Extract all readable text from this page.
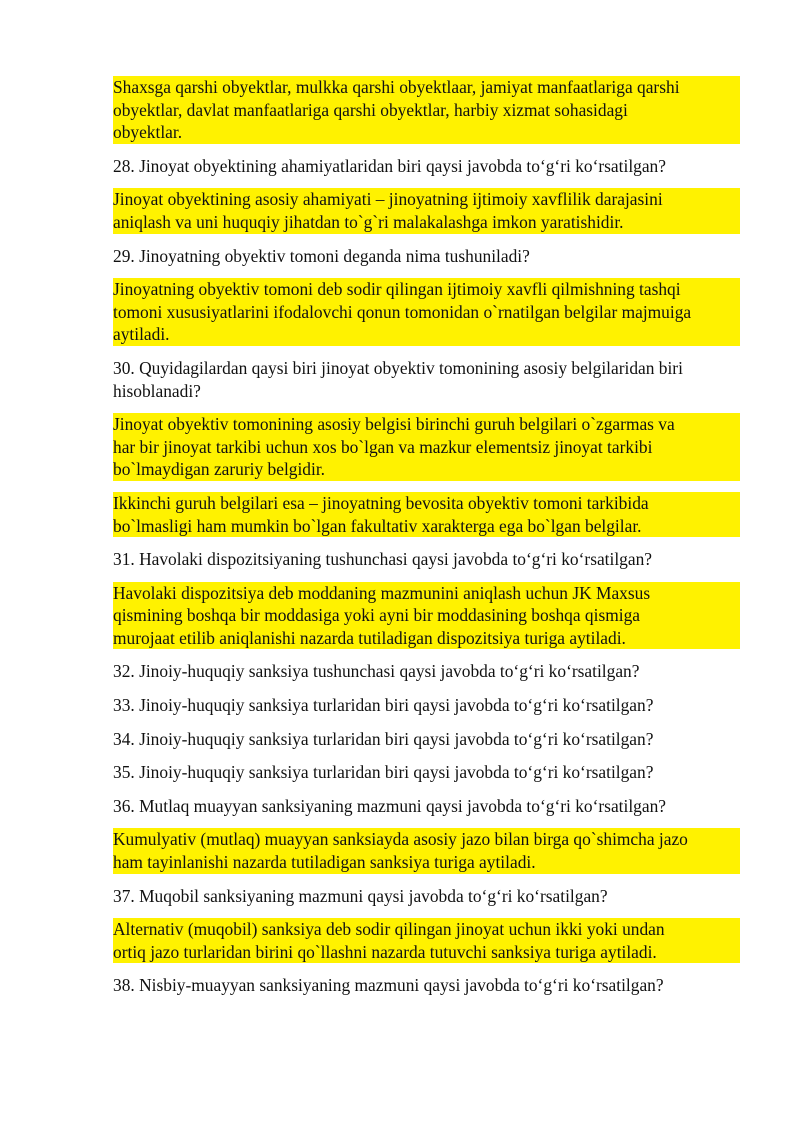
Shaxsga qarshi obyektlar, mulkka qarshi obyektlaar, jamiyat manfaatlariga qarshi
obyektlar, davlat manfaatlariga qarshi obyektlar, harbiy xizmat sohasidagi
obyektlar.

28. Jinoyat obyektining ahamiyatlaridan biri qaysi javobda to‘g‘ri ko‘rsatilgan?

Jinoyat obyektining asosiy ahamiyati – jinoyatning ijtimoiy xavflilik darajasini
aniqlash va uni huquqiy jihatdan to`g`ri malakalashga imkon yaratishidir.

29. Jinoyatning obyektiv tomoni deganda nima tushuniladi?

Jinoyatning obyektiv tomoni deb sodir qilingan ijtimoiy xavfli qilmishning tashqi
tomoni xususiyatlarini ifodalovchi qonun tomonidan o`rnatilgan belgilar majmuiga
aytiladi.

30. Quyidagilardan qaysi biri jinoyat obyektiv tomonining asosiy belgilaridan biri
hisoblanadi?

Jinoyat obyektiv tomonining asosiy belgisi birinchi guruh belgilari o`zgarmas va
har bir jinoyat tarkibi uchun xos bo`lgan va mazkur elementsiz jinoyat tarkibi
bo`lmaydigan zaruriy belgidir.

Ikkinchi guruh belgilari esa – jinoyatning bevosita obyektiv tomoni tarkibida
bo`lmasligi ham mumkin bo`lgan fakultativ xarakterga ega bo`lgan belgilar.

31. Havolaki dispozitsiyaning tushunchasi qaysi javobda to‘g‘ri ko‘rsatilgan?

Havolaki dispozitsiya deb moddaning mazmunini aniqlash uchun JK Maxsus
qismining boshqa bir moddasiga yoki ayni bir moddasining boshqa qismiga
murojaat etilib aniqlanishi nazarda tutiladigan dispozitsiya turiga aytiladi.

32. Jinoiy-huquqiy sanksiya tushunchasi qaysi javobda to‘g‘ri ko‘rsatilgan?

33. Jinoiy-huquqiy sanksiya turlaridan biri qaysi javobda to‘g‘ri ko‘rsatilgan?

34. Jinoiy-huquqiy sanksiya turlaridan biri qaysi javobda to‘g‘ri ko‘rsatilgan?

35. Jinoiy-huquqiy sanksiya turlaridan biri qaysi javobda to‘g‘ri ko‘rsatilgan?

36. Mutlaq muayyan sanksiyaning mazmuni qaysi javobda to‘g‘ri ko‘rsatilgan?

Kumulyativ (mutlaq) muayyan sanksiayda asosiy jazo bilan birga qo`shimcha jazo
ham tayinlanishi nazarda tutiladigan sanksiya turiga aytiladi.

37. Muqobil sanksiyaning mazmuni qaysi javobda to‘g‘ri ko‘rsatilgan?

Alternativ (muqobil) sanksiya deb sodir qilingan jinoyat uchun ikki yoki undan
ortiq jazo turlaridan birini qo`llashni nazarda tutuvchi sanksiya turiga aytiladi.

38. Nisbiy-muayyan sanksiyaning mazmuni qaysi javobda to‘g‘ri ko‘rsatilgan?
